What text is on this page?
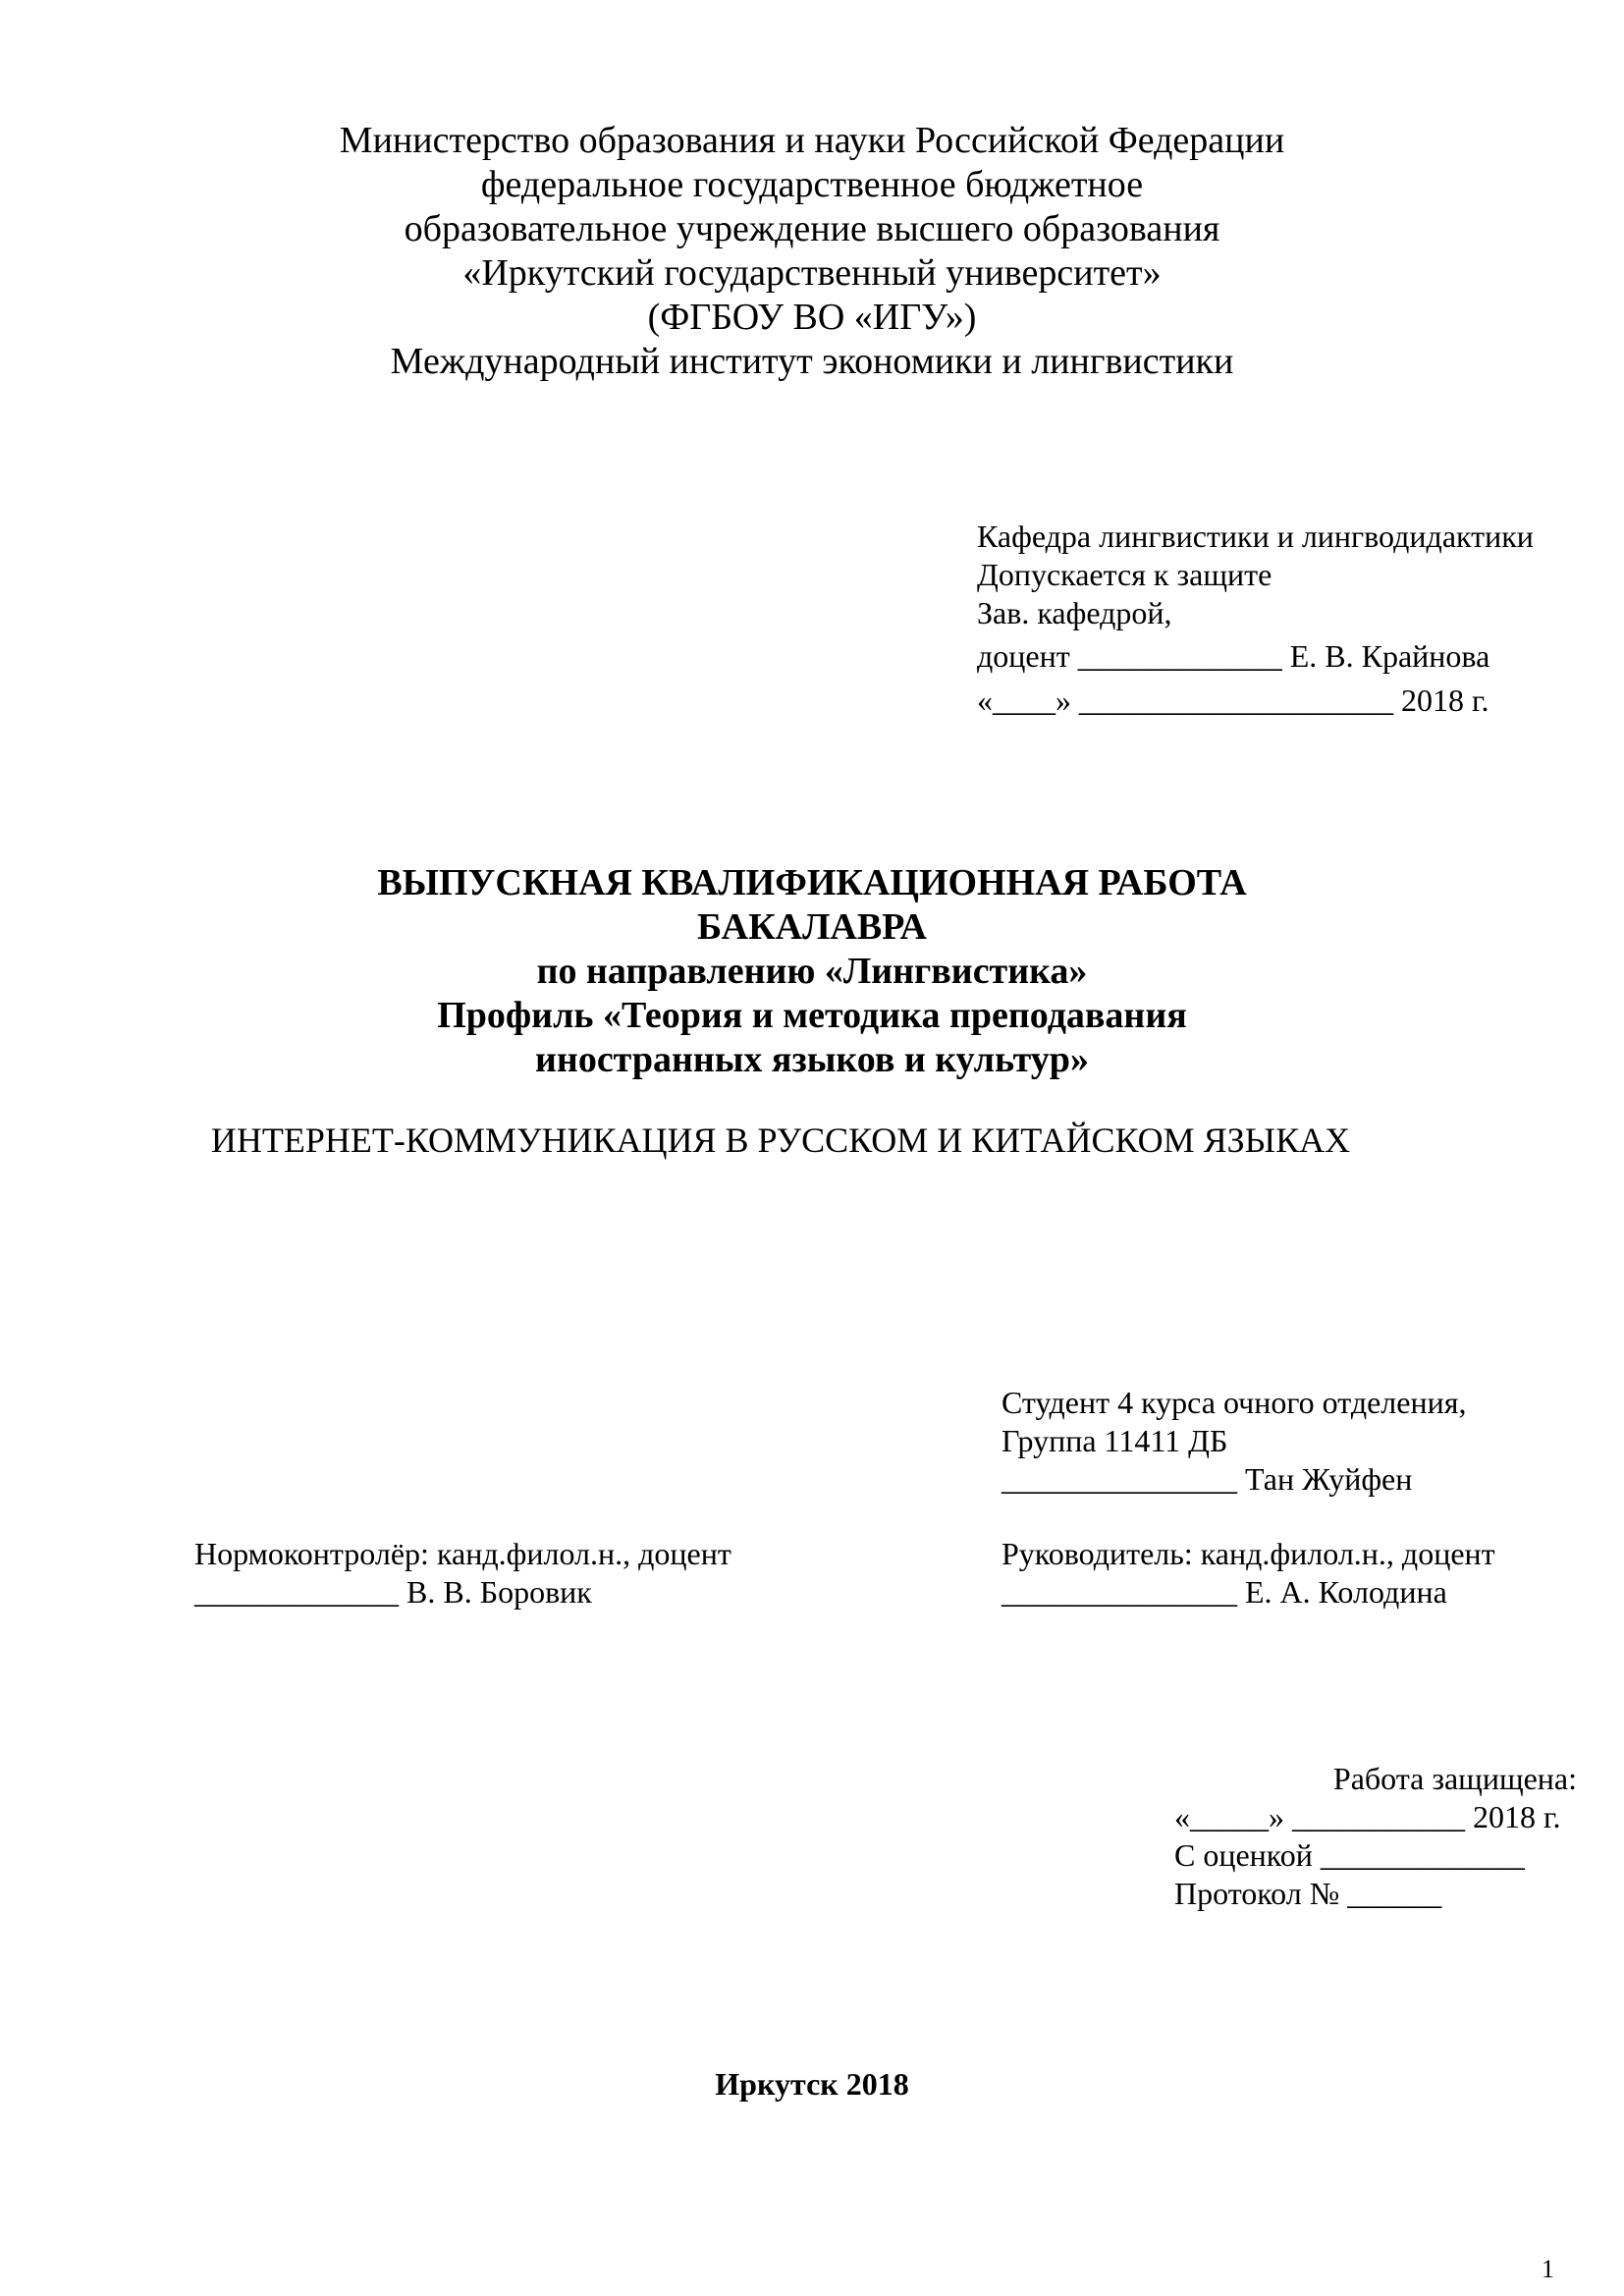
Министерство образования и науки Российской Федерации
федеральное государственное бюджетное
образовательное учреждение высшего образования
«Иркутский государственный университет»
(ФГБОУ ВО «ИГУ»)
Международный институт экономики и лингвистики
Кафедра лингвистики и лингводидактики
Допускается к защите
Зав. кафедрой,
доцент _____________ Е. В. Крайнова
«____» ____________________ 2018 г.
ВЫПУСКНАЯ КВАЛИФИКАЦИОННАЯ РАБОТА
БАКАЛАВРА
по направлению «Лингвистика»
Профиль «Теория и методика преподавания
иностранных языков и культур»
ИНТЕРНЕТ-КОММУНИКАЦИЯ В РУССКОМ И КИТАЙСКОМ ЯЗЫКАХ
Студент 4 курса очного отделения,
Группа 11411 ДБ
_______________ Тан Жуйфен
Нормоконтролёр: канд.филол.н., доцент
_____________ В. В. Боровик
Руководитель: канд.филол.н., доцент
_______________ Е. А. Колодина
Работа защищена:
«_____» ___________ 2018 г.
С оценкой _____________
Протокол № ______
Иркутск 2018
1
